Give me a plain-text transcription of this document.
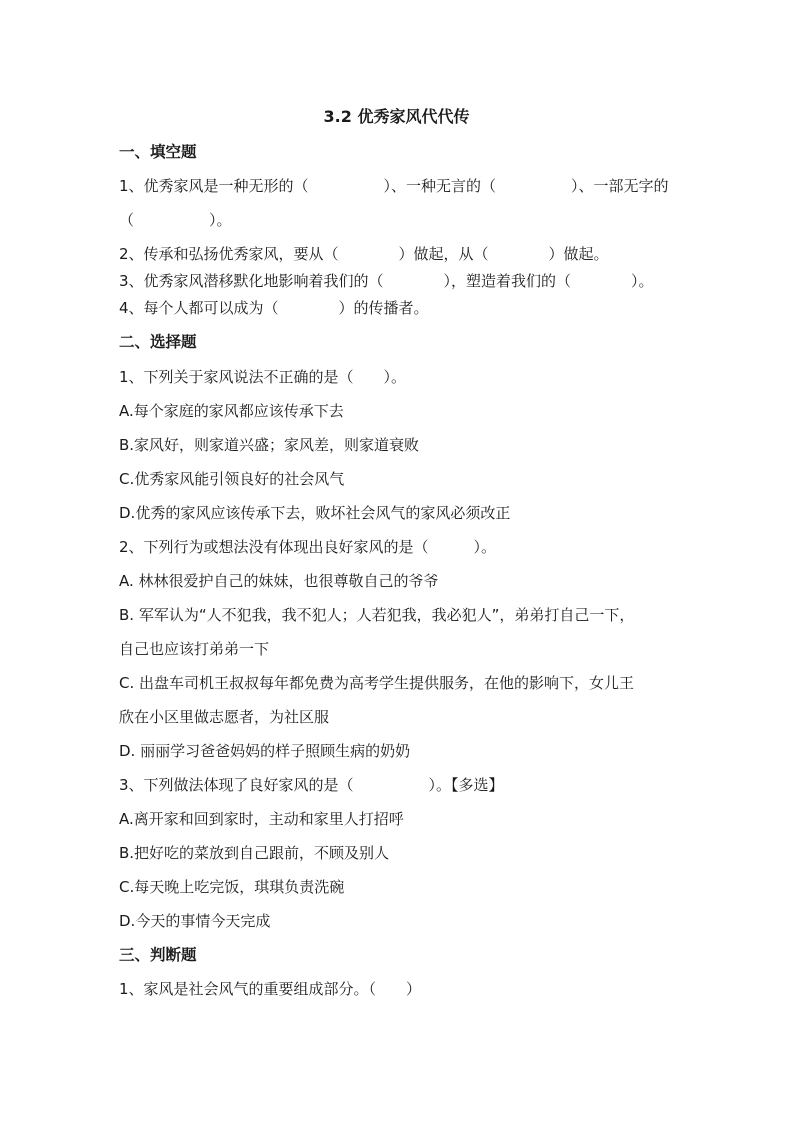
3.2 优秀家风代代传
一、填空题
1、优秀家风是一种无形的（　　　　　）、一种无言的（　　　　　）、一部无字的
（　　　　　）。
2、传承和弘扬优秀家风，要从（　　　　）做起，从（　　　　）做起。
3、优秀家风潜移默化地影响着我们的（　　　　），塑造着我们的（　　　　）。
4、每个人都可以成为（　　　　）的传播者。
二、选择题
1、下列关于家风说法不正确的是（　　）。
A.每个家庭的家风都应该传承下去
B.家风好，则家道兴盛；家风差，则家道衰败
C.优秀家风能引领良好的社会风气
D.优秀的家风应该传承下去，败坏社会风气的家风必须改正
2、下列行为或想法没有体现出良好家风的是（　　　）。
A. 林林很爱护自己的妹妹，也很尊敬自己的爷爷
B. 军军认为“人不犯我，我不犯人；人若犯我，我必犯人”，弟弟打自己一下，
自己也应该打弟弟一下
C. 出盘车司机王叔叔每年都免费为高考学生提供服务，在他的影响下，女儿王
欣在小区里做志愿者，为社区服
D. 丽丽学习爸爸妈妈的样子照顾生病的奶奶
3、下列做法体现了良好家风的是（　　　　　）。【多选】
A.离开家和回到家时，主动和家里人打招呼
B.把好吃的菜放到自己跟前，不顾及别人
C.每天晚上吃完饭，琪琪负责洗碗
D.今天的事情今天完成
三、判断题
1、家风是社会风气的重要组成部分。（　　）
